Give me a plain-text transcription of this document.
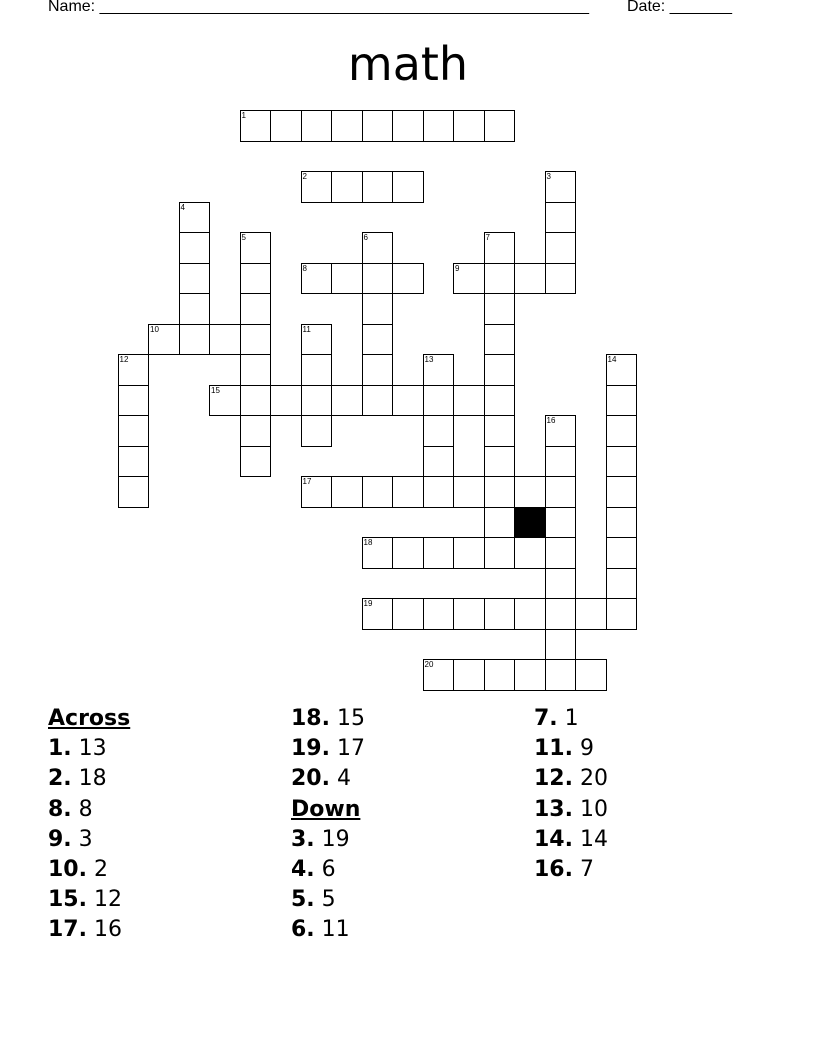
Name: _______________________________________________________ Date: _______
math
1
2	3
4
5	6	7
8	9
10	11
12	13	14
15
16
17
18
19
20
Across
1. 13
2. 18
8. 8
9. 3
10. 2
15. 12
17. 16
18. 15
19. 17
20. 4
Down
3. 19
4. 6
5. 5
6. 11
7. 1
11. 9
12. 20
13. 10
14. 14
16. 7
